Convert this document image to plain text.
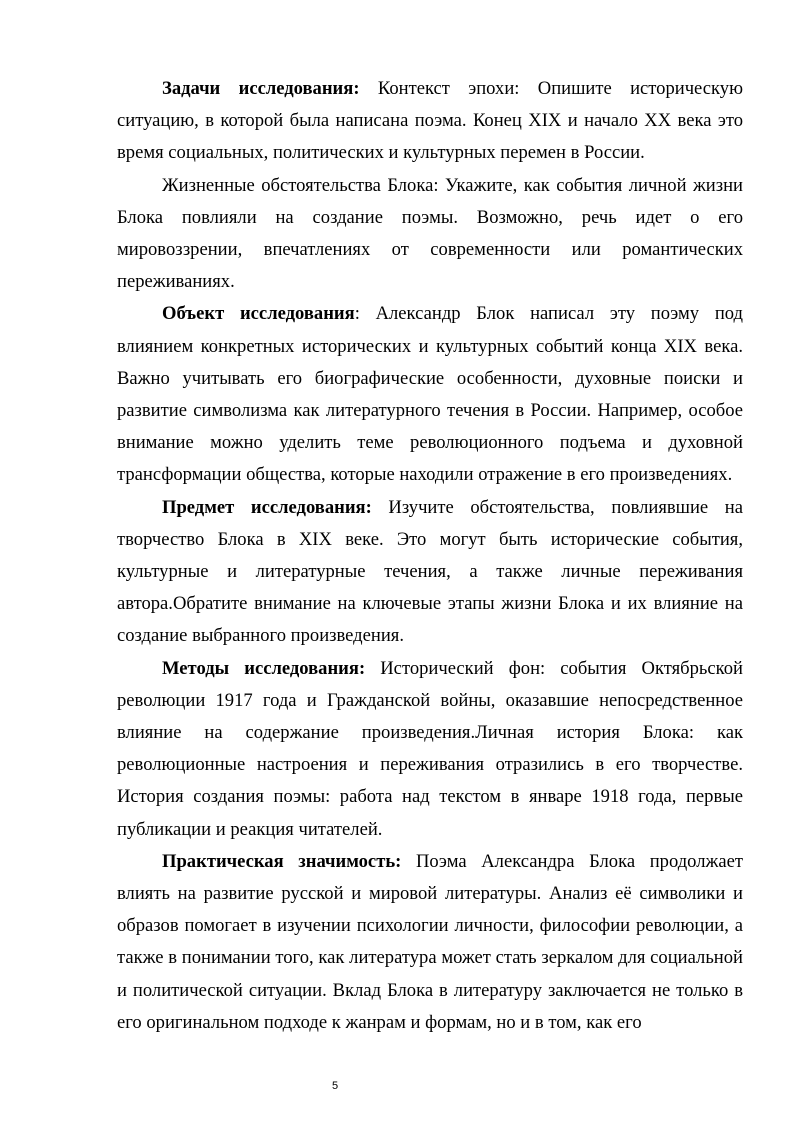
Задачи исследования: Контекст эпохи: Опишите историческую ситуацию, в которой была написана поэма. Конец XIX и начало XX века это время социальных, политических и культурных перемен в России.

Жизненные обстоятельства Блока: Укажите, как события личной жизни Блока повлияли на создание поэмы. Возможно, речь идет о его мировоззрении, впечатлениях от современности или романтических переживаниях.

Объект исследования: Александр Блок написал эту поэму под влиянием конкретных исторических и культурных событий конца XIX века. Важно учитывать его биографические особенности, духовные поиски и развитие символизма как литературного течения в России. Например, особое внимание можно уделить теме революционного подъема и духовной трансформации общества, которые находили отражение в его произведениях.

Предмет исследования: Изучите обстоятельства, повлиявшие на творчество Блока в XIX веке. Это могут быть исторические события, культурные и литературные течения, а также личные переживания автора.Обратите внимание на ключевые этапы жизни Блока и их влияние на создание выбранного произведения.

Методы исследования: Исторический фон: события Октябрьской революции 1917 года и Гражданской войны, оказавшие непосредственное влияние на содержание произведения.Личная история Блока: как революционные настроения и переживания отразились в его творчестве. История создания поэмы: работа над текстом в январе 1918 года, первые публикации и реакция читателей.

Практическая значимость: Поэма Александра Блока продолжает влиять на развитие русской и мировой литературы. Анализ её символики и образов помогает в изучении психологии личности, философии революции, а также в понимании того, как литература может стать зеркалом для социальной и политической ситуации. Вклад Блока в литературу заключается не только в его оригинальном подходе к жанрам и формам, но и в том, как его

5
